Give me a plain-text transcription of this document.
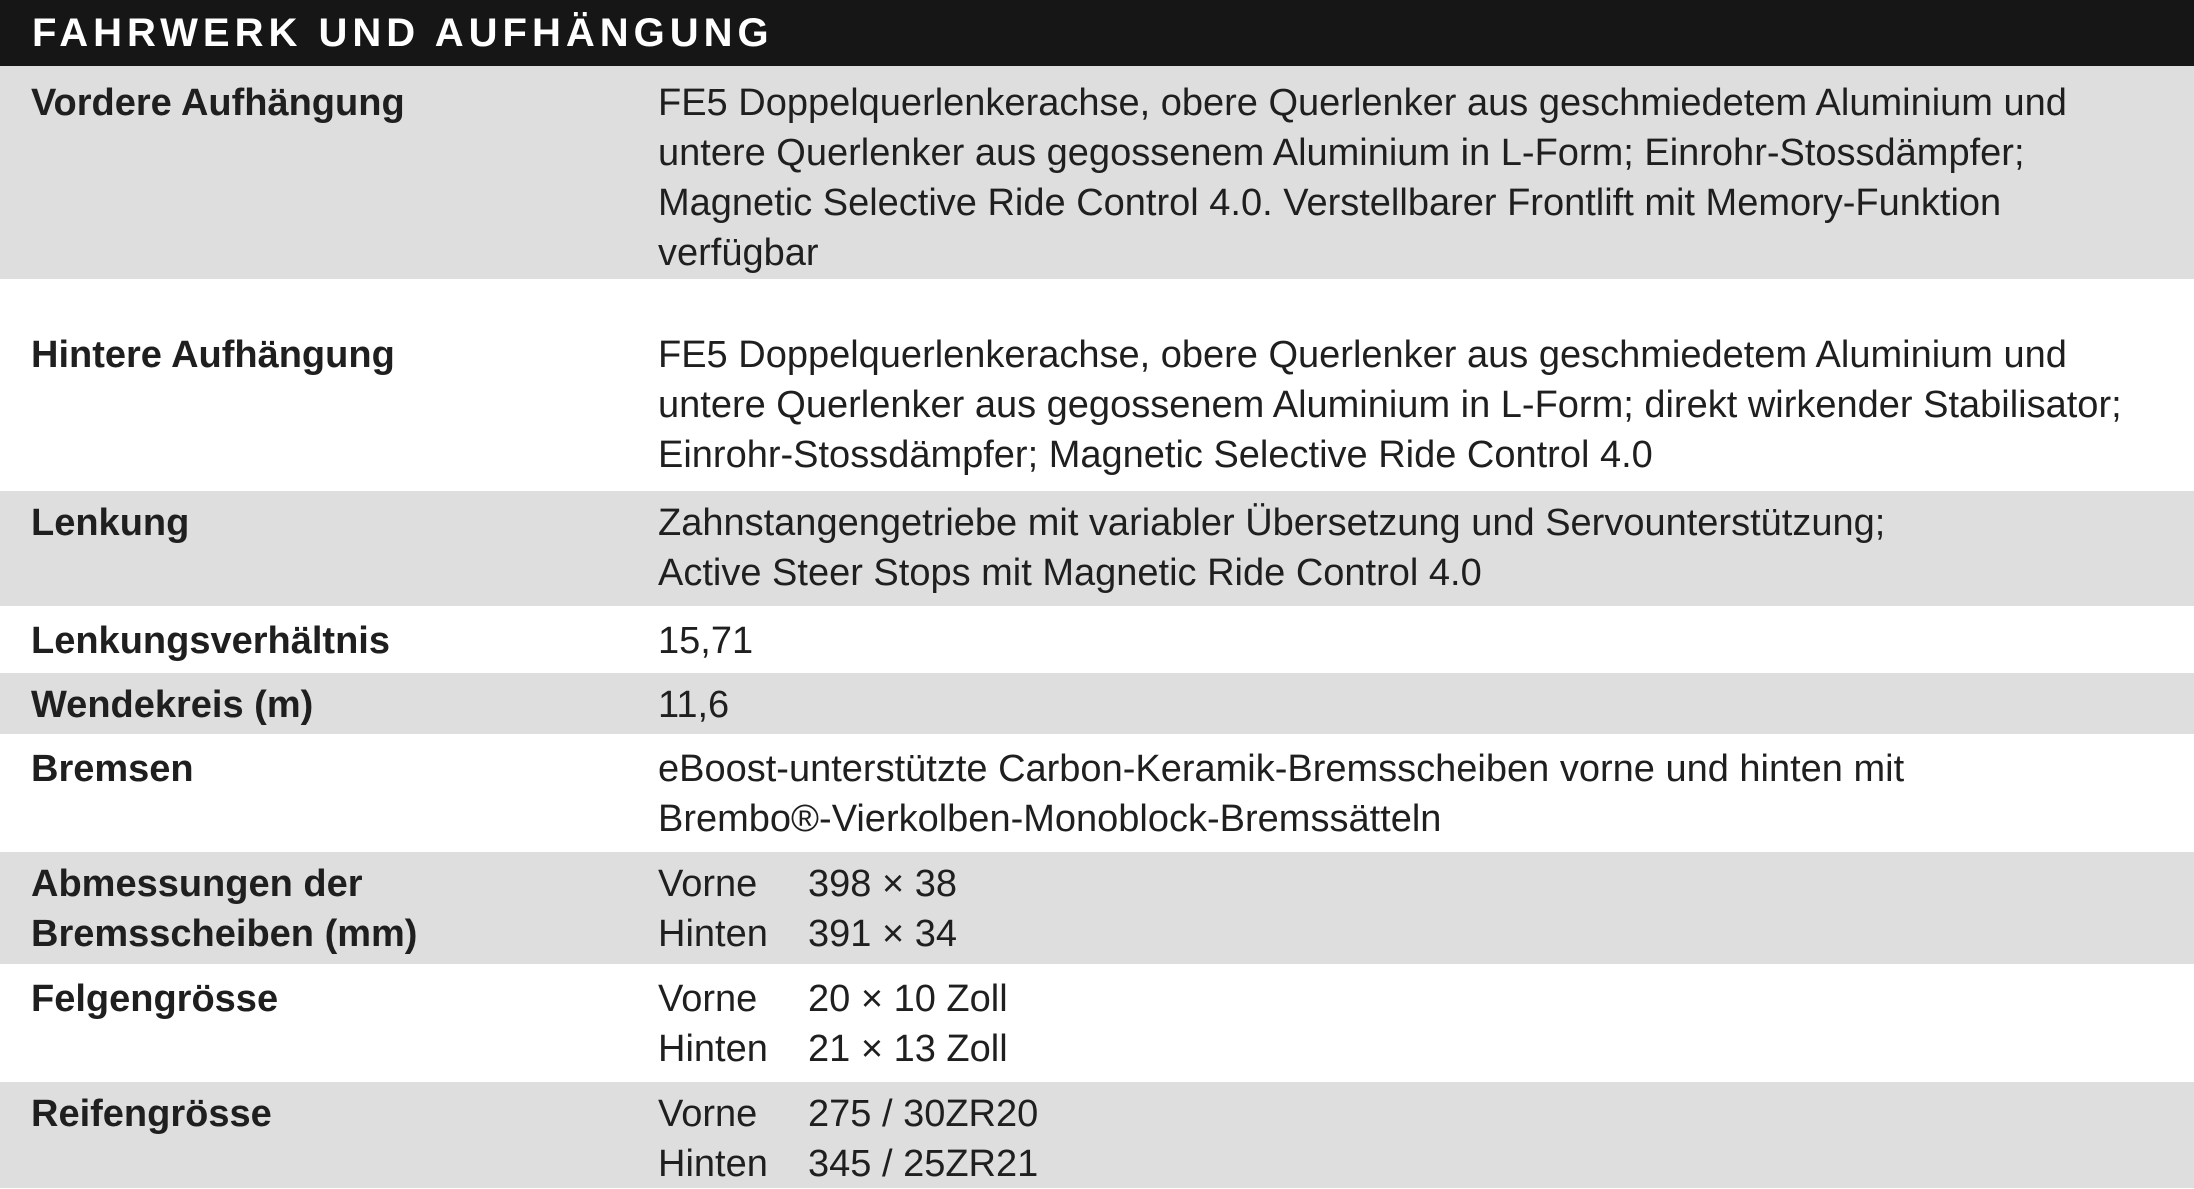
FAHRWERK UND AUFHÄNGUNG
Vordere Aufhängung	FE5 Doppelquerlenkerachse, obere Querlenker aus geschmiedetem Aluminium und
untere Querlenker aus gegossenem Aluminium in L-Form; Einrohr-Stossdämpfer;
Magnetic Selective Ride Control 4.0. Verstellbarer Frontlift mit Memory-Funktion
verfügbar
Hintere Aufhängung	FE5 Doppelquerlenkerachse, obere Querlenker aus geschmiedetem Aluminium und
untere Querlenker aus gegossenem Aluminium in L-Form; direkt wirkender Stabilisator;
Einrohr-Stossdämpfer; Magnetic Selective Ride Control 4.0
Lenkung	Zahnstangengetriebe mit variabler Übersetzung und Servounterstützung;
Active Steer Stops mit Magnetic Ride Control 4.0
Lenkungsverhältnis	15,71
Wendekreis (m)	11,6
Bremsen	eBoost-unterstützte Carbon-Keramik-Bremsscheiben vorne und hinten mit
Brembo®-Vierkolben-Monoblock-Bremssätteln
Abmessungen der
Bremsscheiben (mm)
Vorne	398 × 38
Hinten	391 × 34
Felgengrösse	Vorne	20 × 10 Zoll
Hinten	21 × 13 Zoll
Reifengrösse	Vorne	275 / 30ZR20
Hinten	345 / 25ZR21
